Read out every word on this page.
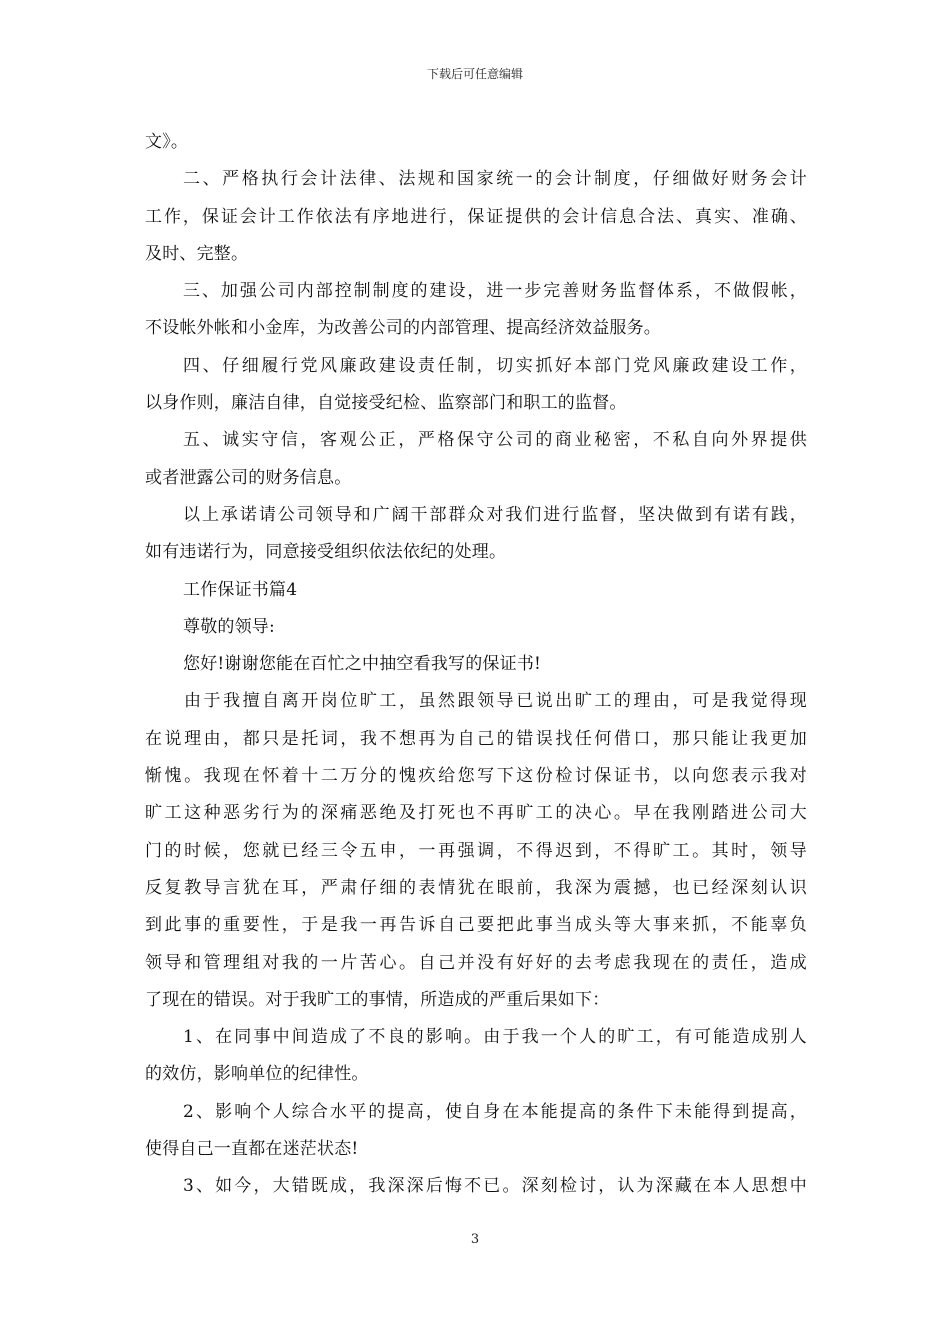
下载后可任意编辑
文》。
二、严格执行会计法律、法规和国家统一的会计制度，仔细做好财务会计
工作，保证会计工作依法有序地进行，保证提供的会计信息合法、真实、准确、
及时、完整。
三、加强公司内部控制制度的建设，进一步完善财务监督体系，不做假帐，
不设帐外帐和小金库，为改善公司的内部管理、提高经济效益服务。
四、仔细履行党风廉政建设责任制，切实抓好本部门党风廉政建设工作，
以身作则，廉洁自律，自觉接受纪检、监察部门和职工的监督。
五、诚实守信，客观公正，严格保守公司的商业秘密，不私自向外界提供
或者泄露公司的财务信息。
以上承诺请公司领导和广阔干部群众对我们进行监督，坚决做到有诺有践，
如有违诺行为，同意接受组织依法依纪的处理。
工作保证书篇4
尊敬的领导:
您好!谢谢您能在百忙之中抽空看我写的保证书!
由于我擅自离开岗位旷工，虽然跟领导已说出旷工的理由，可是我觉得现
在说理由，都只是托词，我不想再为自己的错误找任何借口，那只能让我更加
惭愧。我现在怀着十二万分的愧疚给您写下这份检讨保证书，以向您表示我对
旷工这种恶劣行为的深痛恶绝及打死也不再旷工的决心。早在我刚踏进公司大
门的时候，您就已经三令五申，一再强调，不得迟到，不得旷工。其时，领导
反复教导言犹在耳，严肃仔细的表情犹在眼前，我深为震撼，也已经深刻认识
到此事的重要性，于是我一再告诉自己要把此事当成头等大事来抓，不能辜负
领导和管理组对我的一片苦心。自己并没有好好的去考虑我现在的责任，造成
了现在的错误。对于我旷工的事情，所造成的严重后果如下：
1、在同事中间造成了不良的影响。由于我一个人的旷工，有可能造成别人
的效仿，影响单位的纪律性。
2、影响个人综合水平的提高，使自身在本能提高的条件下未能得到提高，
使得自己一直都在迷茫状态!
3、如今，大错既成，我深深后悔不已。深刻检讨，认为深藏在本人思想中
3
